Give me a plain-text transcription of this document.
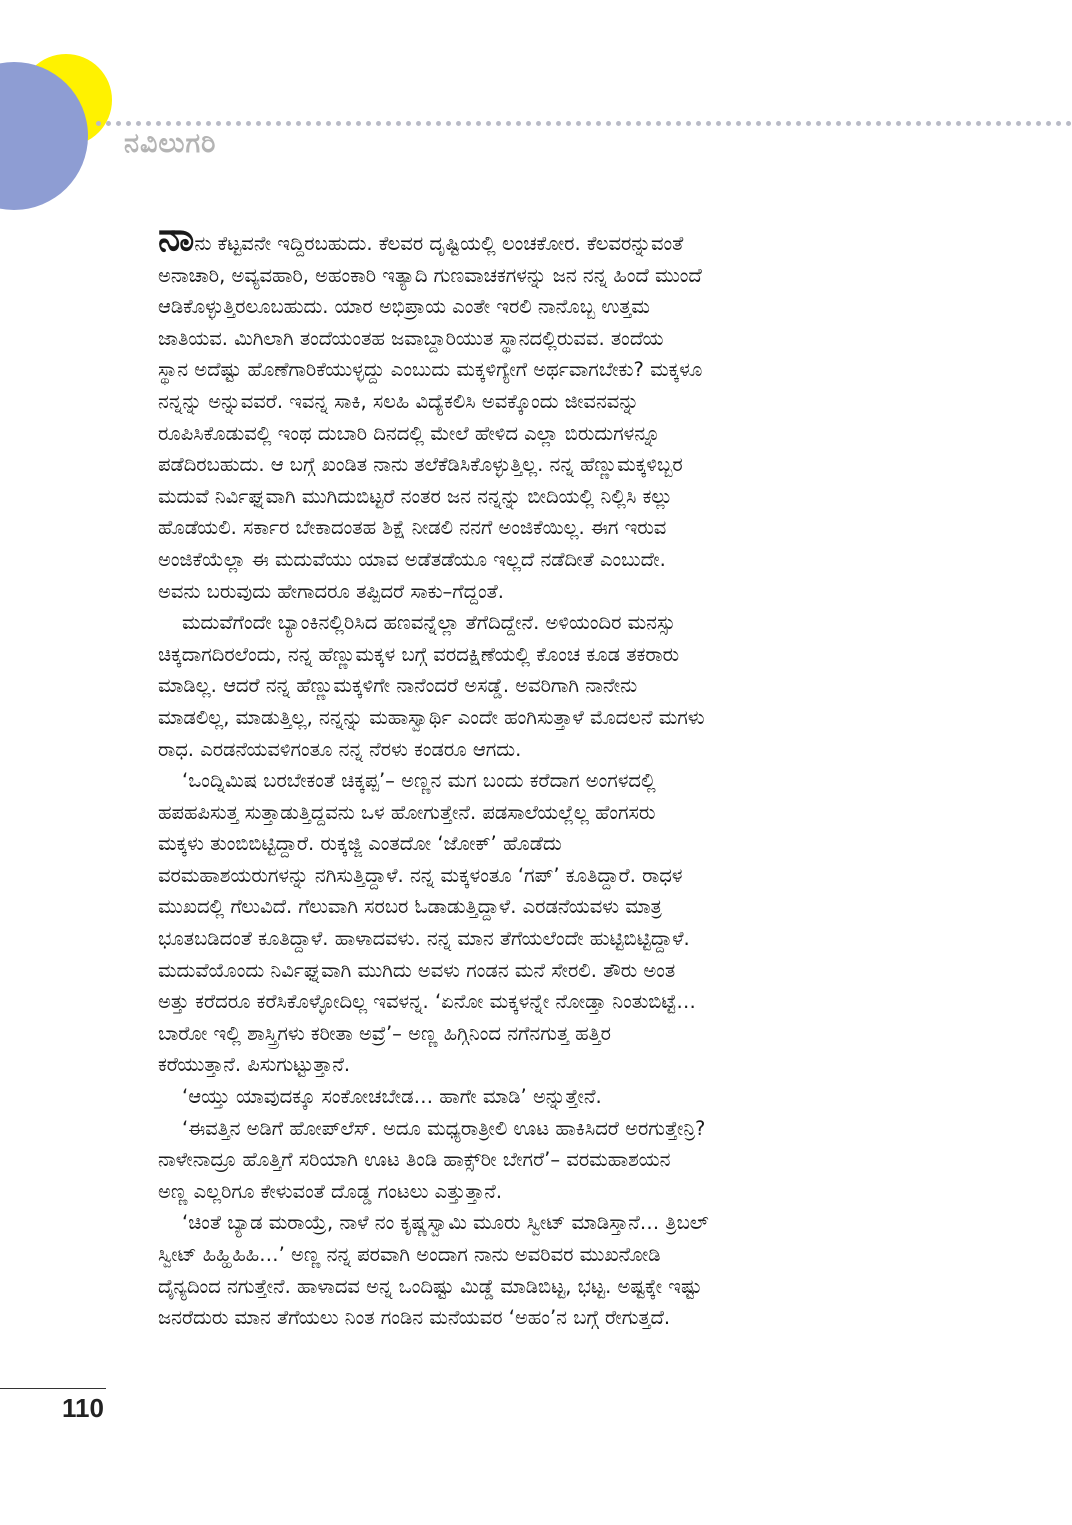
ನವಿಲುಗರಿ

ನಾನು ಕೆಟ್ಟವನೇ ಇದ್ದಿರಬಹುದು. ಕೆಲವರ ದೃಷ್ಟಿಯಲ್ಲಿ ಲಂಚಕೋರ. ಕೆಲವರನ್ನುವಂತೆ
ಅನಾಚಾರಿ, ಅವ್ಯವಹಾರಿ, ಅಹಂಕಾರಿ ಇತ್ಯಾದಿ ಗುಣವಾಚಕಗಳನ್ನು ಜನ ನನ್ನ ಹಿಂದೆ ಮುಂದೆ
ಆಡಿಕೊಳ್ಳುತ್ತಿರಲೂಬಹುದು. ಯಾರ ಅಭಿಪ್ರಾಯ ಎಂತೇ ಇರಲಿ ನಾನೊಬ್ಬ ಉತ್ತಮ
ಜಾತಿಯವ. ಮಿಗಿಲಾಗಿ ತಂದೆಯಂತಹ ಜವಾಬ್ದಾರಿಯುತ ಸ್ಥಾನದಲ್ಲಿರುವವ. ತಂದೆಯ
ಸ್ಥಾನ ಅದೆಷ್ಟು ಹೊಣೆಗಾರಿಕೆಯುಳ್ಳದ್ದು ಎಂಬುದು ಮಕ್ಕಳಿಗ್ಯೇಗೆ ಅರ್ಥವಾಗಬೇಕು? ಮಕ್ಕಳೂ
ನನ್ನನ್ನು ಅನ್ನುವವರೆ. ಇವನ್ನ ಸಾಕಿ, ಸಲಹಿ ವಿದ್ಯೆಕಲಿಸಿ ಅವಕ್ಕೊಂದು ಜೀವನವನ್ನು
ರೂಪಿಸಿಕೊಡುವಲ್ಲಿ ಇಂಥ ದುಬಾರಿ ದಿನದಲ್ಲಿ ಮೇಲೆ ಹೇಳಿದ ಎಲ್ಲಾ ಬಿರುದುಗಳನ್ನೂ
ಪಡೆದಿರಬಹುದು. ಆ ಬಗ್ಗೆ ಖಂಡಿತ ನಾನು ತಲೆಕೆಡಿಸಿಕೊಳ್ಳುತ್ತಿಲ್ಲ. ನನ್ನ ಹೆಣ್ಣುಮಕ್ಕಳಿಬ್ಬರ
ಮದುವೆ ನಿರ್ವಿಘ್ನವಾಗಿ ಮುಗಿದುಬಿಟ್ಟರೆ ನಂತರ ಜನ ನನ್ನನ್ನು ಬೀದಿಯಲ್ಲಿ ನಿಲ್ಲಿಸಿ ಕಲ್ಲು
ಹೊಡೆಯಲಿ. ಸರ್ಕಾರ ಬೇಕಾದಂತಹ ಶಿಕ್ಷೆ ನೀಡಲಿ ನನಗೆ ಅಂಜಿಕೆಯಿಲ್ಲ. ಈಗ ಇರುವ
ಅಂಜಿಕೆಯೆಲ್ಲಾ ಈ ಮದುವೆಯು ಯಾವ ಅಡೆತಡೆಯೂ ಇಲ್ಲದೆ ನಡೆದೀತೆ ಎಂಬುದೇ.
ಅವನು ಬರುವುದು ಹೇಗಾದರೂ ತಪ್ಪಿದರೆ ಸಾಕು–ಗೆದ್ದಂತೆ.

ಮದುವೆಗೆಂದೇ ಬ್ಯಾಂಕಿನಲ್ಲಿರಿಸಿದ ಹಣವನ್ನೆಲ್ಲಾ ತೆಗೆದಿದ್ದೇನೆ. ಅಳಿಯಂದಿರ ಮನಸ್ಸು
ಚಿಕ್ಕದಾಗದಿರಲೆಂದು, ನನ್ನ ಹೆಣ್ಣುಮಕ್ಕಳ ಬಗ್ಗೆ ವರದಕ್ಷಿಣೆಯಲ್ಲಿ ಕೊಂಚ ಕೂಡ ತಕರಾರು
ಮಾಡಿಲ್ಲ. ಆದರೆ ನನ್ನ ಹೆಣ್ಣುಮಕ್ಕಳಿಗೇ ನಾನೆಂದರೆ ಅಸಡ್ಡೆ. ಅವರಿಗಾಗಿ ನಾನೇನು
ಮಾಡಲಿಲ್ಲ, ಮಾಡುತ್ತಿಲ್ಲ, ನನ್ನನ್ನು ಮಹಾಸ್ವಾರ್ಥಿ ಎಂದೇ ಹಂಗಿಸುತ್ತಾಳೆ ಮೊದಲನೆ ಮಗಳು
ರಾಧ. ಎರಡನೆಯವಳಿಗಂತೂ ನನ್ನ ನೆರಳು ಕಂಡರೂ ಆಗದು.

‘ಒಂದ್ನಿಮಿಷ ಬರಬೇಕಂತೆ ಚಿಕ್ಕಪ್ಪ’– ಅಣ್ಣನ ಮಗ ಬಂದು ಕರೆದಾಗ ಅಂಗಳದಲ್ಲಿ
ಹಪಹಪಿಸುತ್ತ ಸುತ್ತಾಡುತ್ತಿದ್ದವನು ಒಳ ಹೋಗುತ್ತೇನೆ. ಪಡಸಾಲೆಯಲ್ಲೆಲ್ಲ ಹೆಂಗಸರು
ಮಕ್ಕಳು ತುಂಬಿಬಿಟ್ಟಿದ್ದಾರೆ. ರುಕ್ಕಜ್ಜಿ ಎಂತದೋ ‘ಜೋಕ್’ ಹೊಡೆದು
ವರಮಹಾಶಯರುಗಳನ್ನು ನಗಿಸುತ್ತಿದ್ದಾಳೆ. ನನ್ನ ಮಕ್ಕಳಂತೂ ‘ಗಪ್’ ಕೂತಿದ್ದಾರೆ. ರಾಧಳ
ಮುಖದಲ್ಲಿ ಗೆಲುವಿದೆ. ಗೆಲುವಾಗಿ ಸರಬರ ಓಡಾಡುತ್ತಿದ್ದಾಳೆ. ಎರಡನೆಯವಳು ಮಾತ್ರ
ಭೂತಬಡಿದಂತೆ ಕೂತಿದ್ದಾಳೆ. ಹಾಳಾದವಳು. ನನ್ನ ಮಾನ ತೆಗೆಯಲೆಂದೇ ಹುಟ್ಟಿಬಿಟ್ಟಿದ್ದಾಳೆ.
ಮದುವೆಯೊಂದು ನಿರ್ವಿಘ್ನವಾಗಿ ಮುಗಿದು ಅವಳು ಗಂಡನ ಮನೆ ಸೇರಲಿ. ತೌರು ಅಂತ
ಅತ್ತು ಕರೆದರೂ ಕರೆಸಿಕೊಳ್ಳೋದಿಲ್ಲ ಇವಳನ್ನ. ‘ಏನೋ ಮಕ್ಕಳನ್ನೇ ನೋಡ್ತಾ ನಿಂತುಬಿಟ್ಟೆ…
ಬಾರೋ ಇಲ್ಲಿ ಶಾಸ್ತ್ರಿಗಳು ಕರೀತಾ ಅವ್ರೆ’– ಅಣ್ಣ ಹಿಗ್ಗಿನಿಂದ ನಗೆನಗುತ್ತ ಹತ್ತಿರ
ಕರೆಯುತ್ತಾನೆ. ಪಿಸುಗುಟ್ಟುತ್ತಾನೆ.

‘ಆಯ್ತು ಯಾವುದಕ್ಕೂ ಸಂಕೋಚಬೇಡ… ಹಾಗೇ ಮಾಡಿ’ ಅನ್ನುತ್ತೇನೆ.

‘ಈವತ್ತಿನ ಅಡಿಗೆ ಹೋಪ್‌ಲೆಸ್. ಅದೂ ಮಧ್ಯರಾತ್ರೀಲಿ ಊಟ ಹಾಕಿಸಿದರೆ ಅರಗುತ್ತೇನ್ರಿ?
ನಾಳೇನಾದ್ರೂ ಹೊತ್ತಿಗೆ ಸರಿಯಾಗಿ ಊಟ ತಿಂಡಿ ಹಾಕ್ಸ್‌ರೀ ಬೇಗರೆ’– ವರಮಹಾಶಯನ
ಅಣ್ಣ ಎಲ್ಲರಿಗೂ ಕೇಳುವಂತೆ ದೊಡ್ಡ ಗಂಟಲು ಎತ್ತುತ್ತಾನೆ.

‘ಚಿಂತೆ ಬ್ಯಾಡ ಮರಾಯ್ರೆ, ನಾಳೆ ನಂ ಕೃಷ್ಣಸ್ವಾಮಿ ಮೂರು ಸ್ವೀಟ್ ಮಾಡಿಸ್ತಾನೆ… ತ್ರಿಬಲ್
ಸ್ವೀಟ್ ಹಿಹ್ಹಿಹಿಹಿ…’ ಅಣ್ಣ ನನ್ನ ಪರವಾಗಿ ಅಂದಾಗ ನಾನು ಅವರಿವರ ಮುಖನೋಡಿ
ದೈನ್ಯದಿಂದ ನಗುತ್ತೇನೆ. ಹಾಳಾದವ ಅನ್ನ ಒಂದಿಷ್ಟು ಮಿಡ್ಡೆ ಮಾಡಿಬಿಟ್ಟ, ಭಟ್ಟ. ಅಷ್ಟಕ್ಕೇ ಇಷ್ಟು
ಜನರೆದುರು ಮಾನ ತೆಗೆಯಲು ನಿಂತ ಗಂಡಿನ ಮನೆಯವರ ‘ಅಹಂ’ನ ಬಗ್ಗೆ ರೇಗುತ್ತದೆ.

110
